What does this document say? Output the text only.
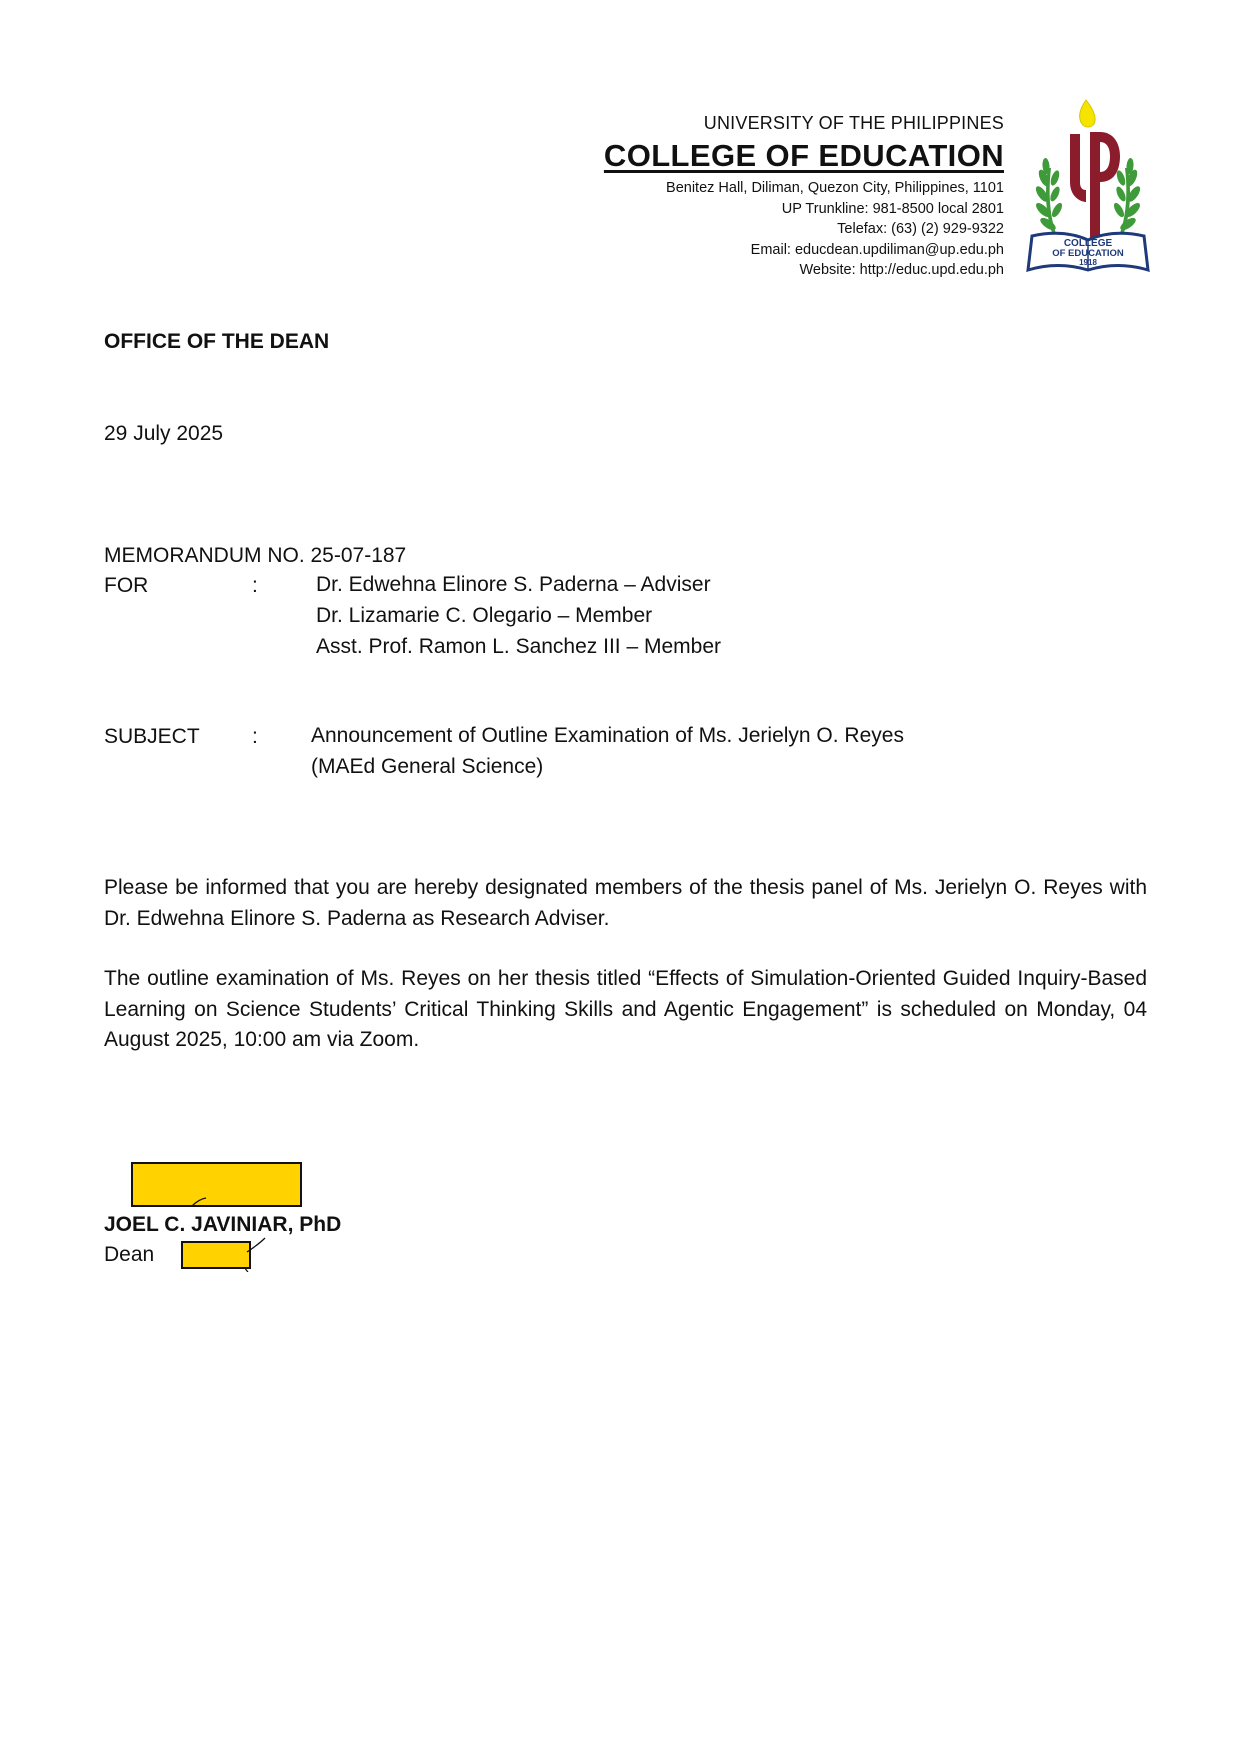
UNIVERSITY OF THE PHILIPPINES
COLLEGE OF EDUCATION
Benitez Hall, Diliman, Quezon City, Philippines, 1101
UP Trunkline: 981-8500 local 2801
Telefax: (63) (2) 929-9322
Email: educdean.updiliman@up.edu.ph
Website: http://educ.upd.edu.ph
COLLEGE
OF EDUCATION
1918
OFFICE OF THE DEAN
29 July 2025
MEMORANDUM NO. 25-07-187
FOR	:	Dr. Edwehna Elinore S. Paderna – Adviser
Dr. Lizamarie C. Olegario – Member
Asst. Prof. Ramon L. Sanchez III – Member
SUBJECT :	Announcement of Outline Examination of Ms. Jerielyn O. Reyes
(MAEd General Science)
Please be informed that you are hereby designated members of the thesis panel of Ms. Jerielyn O. Reyes with Dr. Edwehna Elinore S. Paderna as Research Adviser.
The outline examination of Ms. Reyes on her thesis titled “Effects of Simulation-Oriented Guided Inquiry-Based Learning on Science Students’ Critical Thinking Skills and Agentic Engagement” is scheduled on Monday, 04 August 2025, 10:00 am via Zoom.
JOEL C. JAVINIAR, PhD
Dean
